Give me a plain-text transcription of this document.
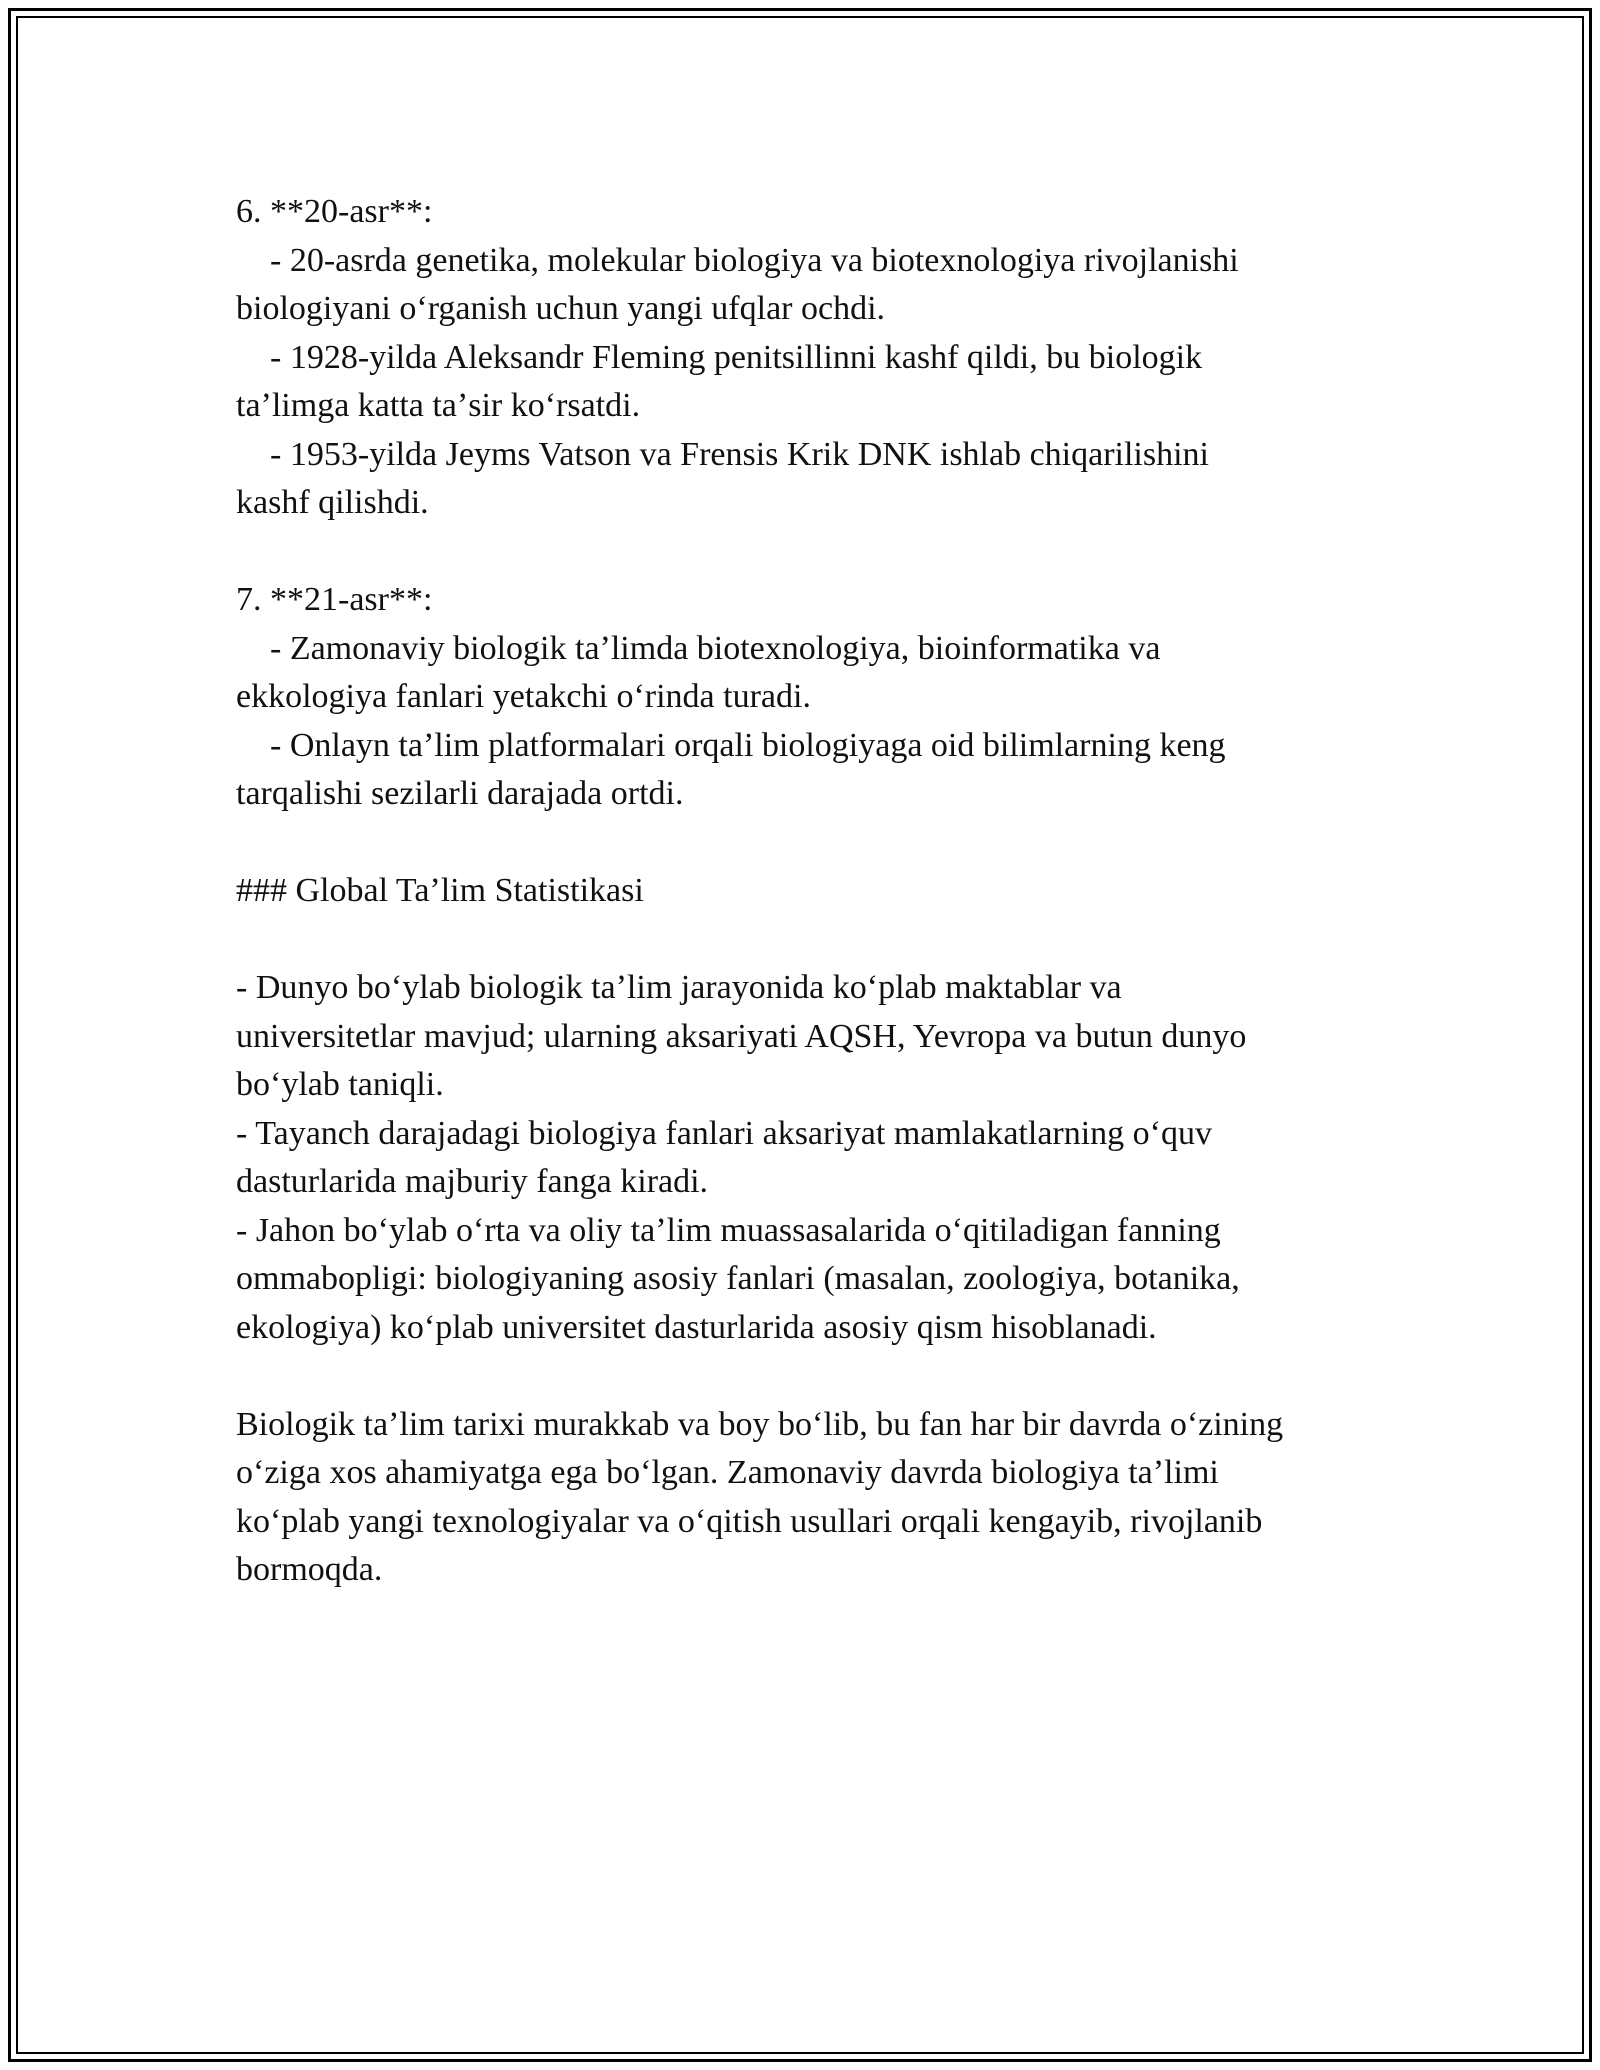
6. **20-asr**:

- 20-asrda genetika, molekular biologiya va biotexnologiya rivojlanishi

biologiyani oʻrganish uchun yangi ufqlar ochdi.

- 1928-yilda Aleksandr Fleming penitsillinni kashf qildi, bu biologik

taʼlimga katta taʼsir koʻrsatdi.

- 1953-yilda Jeyms Vatson va Frensis Krik DNK ishlab chiqarilishini

kashf qilishdi.

7. **21-asr**:

- Zamonaviy biologik taʼlimda biotexnologiya, bioinformatika va

ekkologiya fanlari yetakchi oʻrinda turadi.

- Onlayn taʼlim platformalari orqali biologiyaga oid bilimlarning keng

tarqalishi sezilarli darajada ortdi.

### Global Taʼlim Statistikasi

- Dunyo boʻylab biologik taʼlim jarayonida koʻplab maktablar va

universitetlar mavjud; ularning aksariyati AQSH, Yevropa va butun dunyo

boʻylab taniqli.

- Tayanch darajadagi biologiya fanlari aksariyat mamlakatlarning oʻquv

dasturlarida majburiy fanga kiradi.

- Jahon boʻylab oʻrta va oliy taʼlim muassasalarida oʻqitiladigan fanning

ommabopligi: biologiyaning asosiy fanlari (masalan, zoologiya, botanika,

ekologiya) koʻplab universitet dasturlarida asosiy qism hisoblanadi.

Biologik taʼlim tarixi murakkab va boy boʻlib, bu fan har bir davrda oʻzining

oʻziga xos ahamiyatga ega boʻlgan. Zamonaviy davrda biologiya taʼlimi

koʻplab yangi texnologiyalar va oʻqitish usullari orqali kengayib, rivojlanib

bormoqda.
